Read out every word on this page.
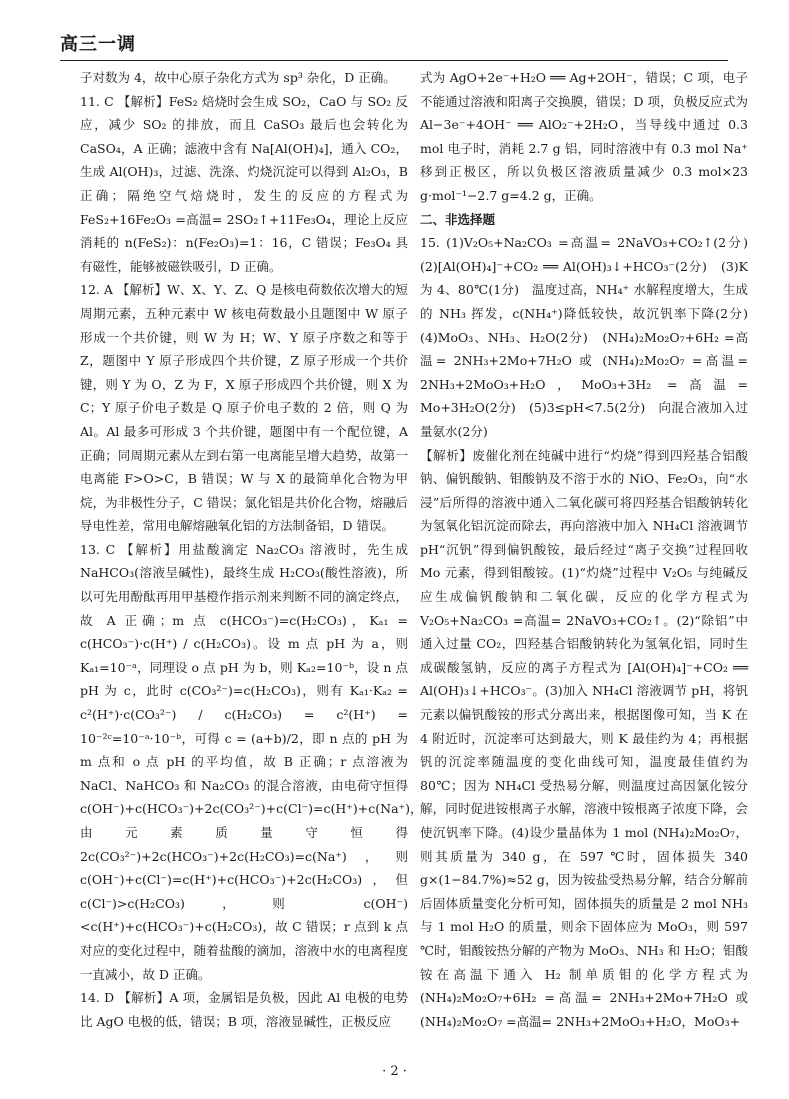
高三一调

子对数为 4，故中心原子杂化方式为 sp³ 杂化，D 正确。

11. C 【解析】FeS₂ 焙烧时会生成 SO₂，CaO 与 SO₂ 反应，减少 SO₂ 的排放，而且 CaSO₃ 最后也会转化为 CaSO₄，A 正确；滤液中含有 Na[Al(OH)₄]，通入 CO₂，生成 Al(OH)₃，过滤、洗涤、灼烧沉淀可以得到 Al₂O₃，B 正确；隔绝空气焙烧时，发生的反应的方程式为 FeS₂+16Fe₂O₃ =高温= 2SO₂↑+11Fe₃O₄，理论上反应消耗的 n(FeS₂)：n(Fe₂O₃)=1：16，C 错误；Fe₃O₄ 具有磁性，能够被磁铁吸引，D 正确。

12. A 【解析】W、X、Y、Z、Q 是核电荷数依次增大的短周期元素，五种元素中 W 核电荷数最小且题图中 W 原子形成一个共价键，则 W 为 H；W、Y 原子序数之和等于 Z，题图中 Y 原子形成四个共价键，Z 原子形成一个共价键，则 Y 为 O，Z 为 F，X 原子形成四个共价键，则 X 为 C；Y 原子价电子数是 Q 原子价电子数的 2 倍，则 Q 为 Al。Al 最多可形成 3 个共价键，题图中有一个配位键，A 正确；同周期元素从左到右第一电离能呈增大趋势，故第一电离能 F>O>C，B 错误；W 与 X 的最简单化合物为甲烷，为非极性分子，C 错误；氯化铝是共价化合物，熔融后导电性差，常用电解熔融氧化铝的方法制备铝，D 错误。

13. C 【解析】用盐酸滴定 Na₂CO₃ 溶液时，先生成 NaHCO₃(溶液呈碱性)，最终生成 H₂CO₃(酸性溶液)，所以可先用酚酞再用甲基橙作指示剂来判断不同的滴定终点，故 A 正确；m 点 c(HCO₃⁻)=c(H₂CO₃)，Kₐ₁ = c(HCO₃⁻)·c(H⁺) / c(H₂CO₃)。设 m 点 pH 为 a，则 Kₐ₁=10⁻ᵃ，同理设 o 点 pH 为 b，则 Kₐ₂=10⁻ᵇ，设 n 点 pH 为 c，此时 c(CO₃²⁻)=c(H₂CO₃)，则有 Kₐ₁·Kₐ₂ = c²(H⁺)·c(CO₃²⁻) / c(H₂CO₃) = c²(H⁺) = 10⁻²ᶜ=10⁻ᵃ·10⁻ᵇ，可得 c = (a+b)/2，即 n 点的 pH 为 m 点和 o 点 pH 的平均值，故 B 正确；r 点溶液为 NaCl、NaHCO₃ 和 Na₂CO₃ 的混合溶液，由电荷守恒得 c(OH⁻)+c(HCO₃⁻)+2c(CO₃²⁻)+c(Cl⁻)=c(H⁺)+c(Na⁺)，由元素质量守恒得 2c(CO₃²⁻)+2c(HCO₃⁻)+2c(H₂CO₃)=c(Na⁺)，则 c(OH⁻)+c(Cl⁻)=c(H⁺)+c(HCO₃⁻)+2c(H₂CO₃)，但 c(Cl⁻)>c(H₂CO₃)，则 c(OH⁻)<c(H⁺)+c(HCO₃⁻)+c(H₂CO₃)，故 C 错误；r 点到 k 点对应的变化过程中，随着盐酸的滴加，溶液中水的电离程度一直减小，故 D 正确。

14. D 【解析】A 项，金属铝是负极，因此 Al 电极的电势比 AgO 电极的低，错误；B 项，溶液显碱性，正极反应

式为 AgO+2e⁻+H₂O ══ Ag+2OH⁻，错误；C 项，电子不能通过溶液和阳离子交换膜，错误；D 项，负极反应式为 Al−3e⁻+4OH⁻ ══ AlO₂⁻+2H₂O，当导线中通过 0.3 mol 电子时，消耗 2.7 g 铝，同时溶液中有 0.3 mol Na⁺ 移到正极区，所以负极区溶液质量减少 0.3 mol×23 g·mol⁻¹−2.7 g=4.2 g，正确。

二、非选择题

15. (1)V₂O₅+Na₂CO₃ =高温= 2NaVO₃+CO₂↑(2分)　(2)[Al(OH)₄]⁻+CO₂ ══ Al(OH)₃↓+HCO₃⁻(2分)　(3)K 为 4、80℃(1分)　温度过高，NH₄⁺ 水解程度增大，生成的 NH₃ 挥发，c(NH₄⁺)降低较快，故沉钒率下降(2分)　(4)MoO₃、NH₃、H₂O(2分)　(NH₄)₂Mo₂O₇+6H₂ =高温= 2NH₃+2Mo+7H₂O 或 (NH₄)₂Mo₂O₇ =高温= 2NH₃+2MoO₃+H₂O，MoO₃+3H₂ =高温= Mo+3H₂O(2分)　(5)3≤pH<7.5(2分)　向混合液加入过量氨水(2分)

【解析】废催化剂在纯碱中进行“灼烧”得到四羟基合铝酸钠、偏钒酸钠、钼酸钠及不溶于水的 NiO、Fe₂O₃，向“水浸”后所得的溶液中通入二氧化碳可将四羟基合铝酸钠转化为氢氧化铝沉淀而除去，再向溶液中加入 NH₄Cl 溶液调节 pH“沉钒”得到偏钒酸铵，最后经过“离子交换”过程回收 Mo 元素，得到钼酸铵。(1)“灼烧”过程中 V₂O₅ 与纯碱反应生成偏钒酸钠和二氧化碳，反应的化学方程式为 V₂O₅+Na₂CO₃ =高温= 2NaVO₃+CO₂↑。(2)“除铝”中通入过量 CO₂，四羟基合铝酸钠转化为氢氧化铝，同时生成碳酸氢钠，反应的离子方程式为 [Al(OH)₄]⁻+CO₂ ══ Al(OH)₃↓+HCO₃⁻。(3)加入 NH₄Cl 溶液调节 pH，将钒元素以偏钒酸铵的形式分离出来，根据图像可知，当 K 在 4 附近时，沉淀率可达到最大，则 K 最佳约为 4；再根据钒的沉淀率随温度的变化曲线可知，温度最佳值约为 80℃；因为 NH₄Cl 受热易分解，则温度过高因氯化铵分解，同时促进铵根离子水解，溶液中铵根离子浓度下降，会使沉钒率下降。(4)设少量晶体为 1 mol (NH₄)₂Mo₂O₇，则其质量为 340 g，在 597 ℃时，固体损失 340 g×(1−84.7%)≈52 g，因为铵盐受热易分解，结合分解前后固体质量变化分析可知，固体损失的质量是 2 mol NH₃ 与 1 mol H₂O 的质量，则余下固体应为 MoO₃，则 597 ℃时，钼酸铵热分解的产物为 MoO₃、NH₃ 和 H₂O；钼酸铵在高温下通入 H₂ 制单质钼的化学方程式为 (NH₄)₂Mo₂O₇+6H₂ =高温= 2NH₃+2Mo+7H₂O 或 (NH₄)₂Mo₂O₇ =高温= 2NH₃+2MoO₃+H₂O，MoO₃+

· 2 ·
